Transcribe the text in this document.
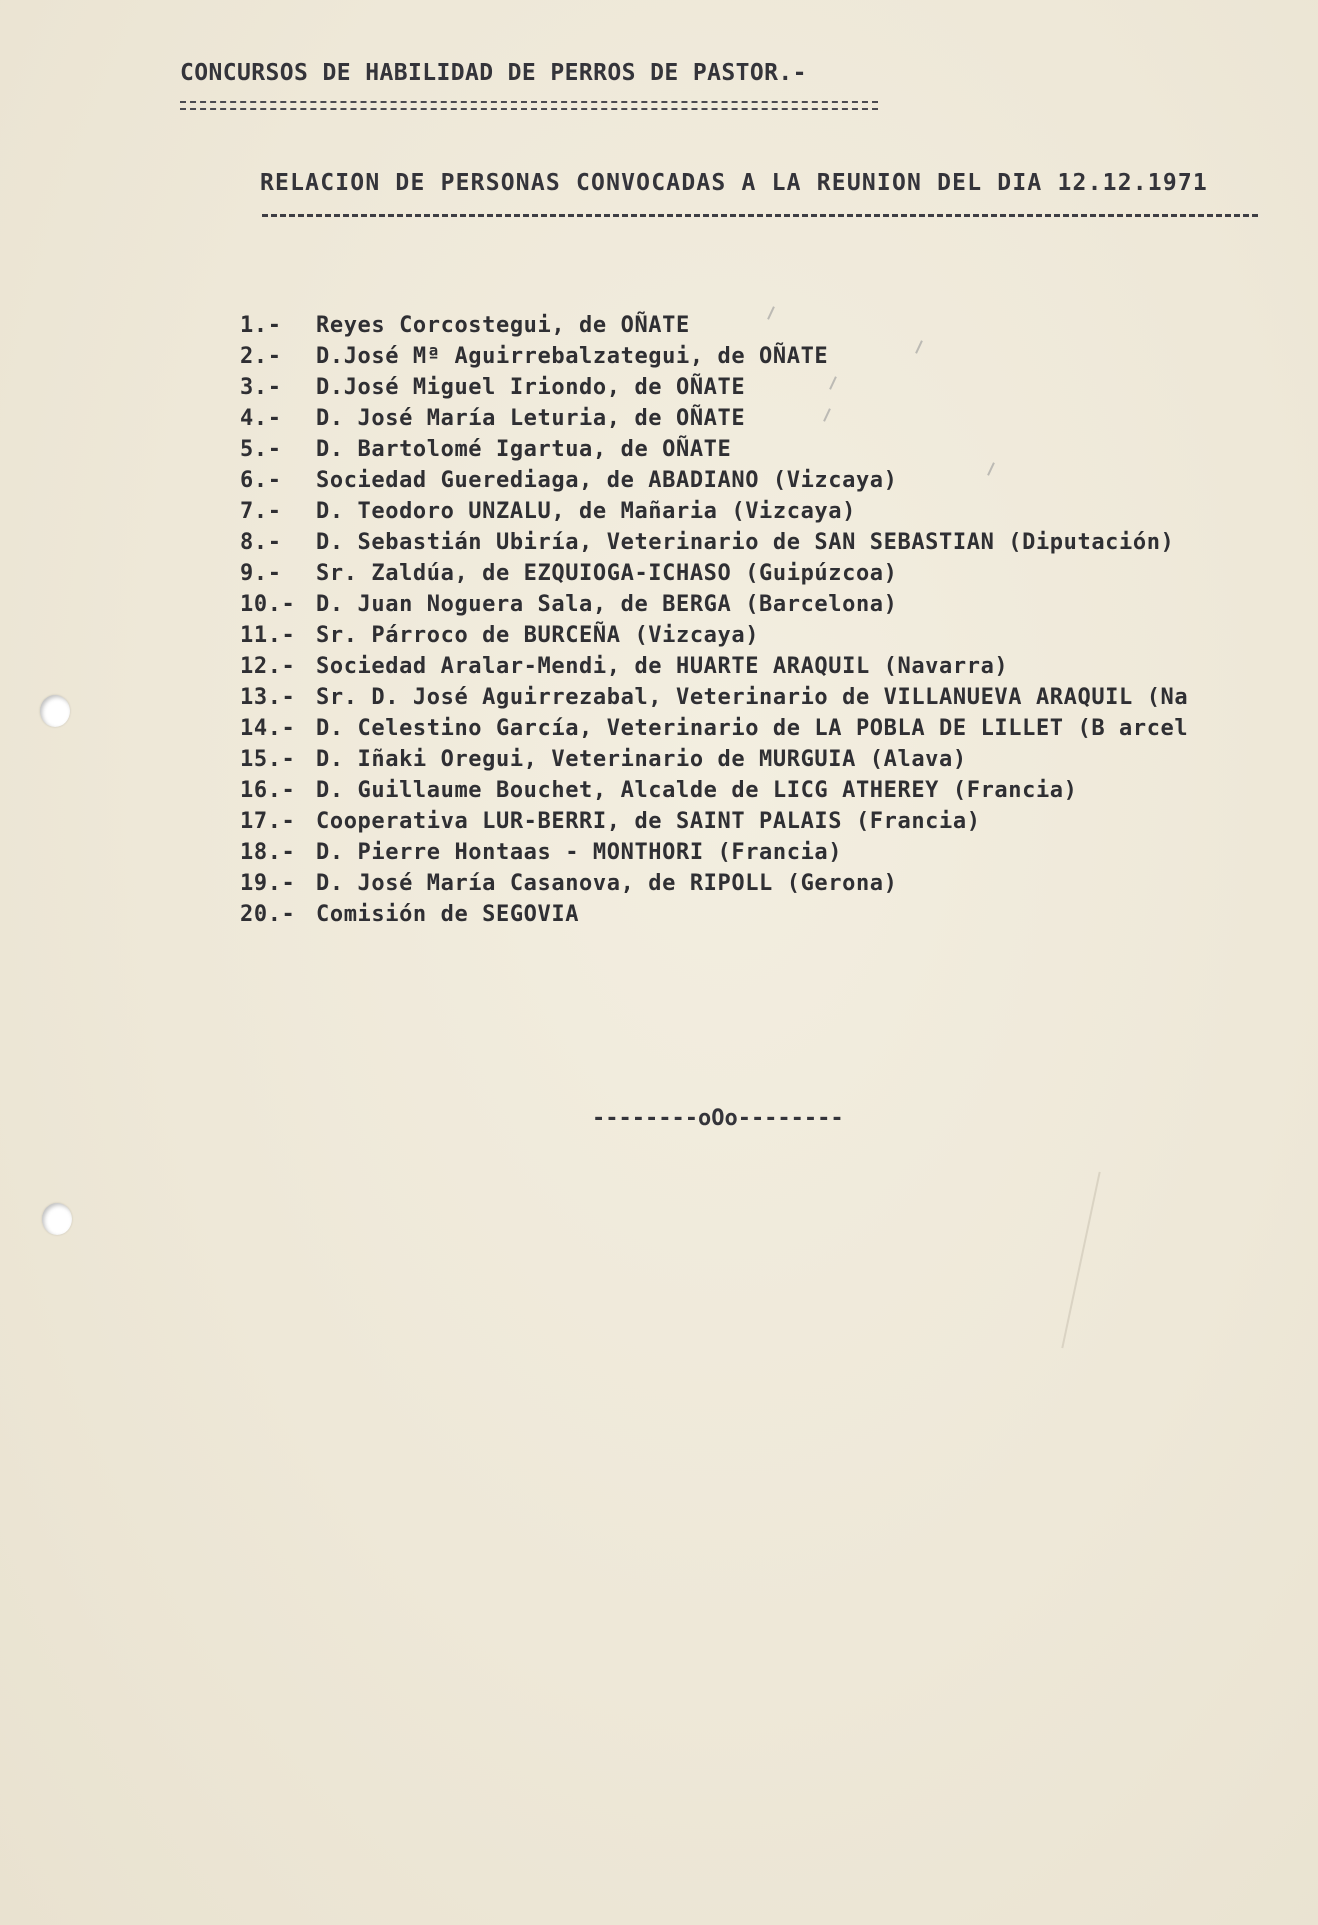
CONCURSOS DE HABILIDAD DE PERROS DE PASTOR.-
RELACION DE PERSONAS CONVOCADAS A LA REUNION DEL DIA 12.12.1971
1.- Reyes Corcostegui, de OÑATE
2.- D.José Mª Aguirrebalzategui, de OÑATE
3.- D.José Miguel Iriondo, de OÑATE
4.- D. José María Leturia, de OÑATE
5.- D. Bartolomé Igartua, de OÑATE
6.- Sociedad Guerediaga, de ABADIANO (Vizcaya)
7.- D. Teodoro UNZALU, de Mañaria (Vizcaya)
8.- D. Sebastián Ubiría, Veterinario de SAN SEBASTIAN (Diputación)
9.- Sr. Zaldúa, de EZQUIOGA-ICHASO (Guipúzcoa)
10.- D. Juan Noguera Sala, de BERGA (Barcelona)
11.- Sr. Párroco de BURCEÑA (Vizcaya)
12.- Sociedad Aralar-Mendi, de HUARTE ARAQUIL (Navarra)
13.- Sr. D. José Aguirrezabal, Veterinario de VILLANUEVA ARAQUIL (Na
14.- D. Celestino García, Veterinario de LA POBLA DE LILLET (B arcel
15.- D. Iñaki Oregui, Veterinario de MURGUIA (Alava)
16.- D. Guillaume Bouchet, Alcalde de LICG ATHEREY (Francia)
17.- Cooperativa LUR-BERRI, de SAINT PALAIS (Francia)
18.- D. Pierre Hontaas - MONTHORI (Francia)
19.- D. José María Casanova, de RIPOLL (Gerona)
20.- Comisión de SEGOVIA
--------oOo--------
